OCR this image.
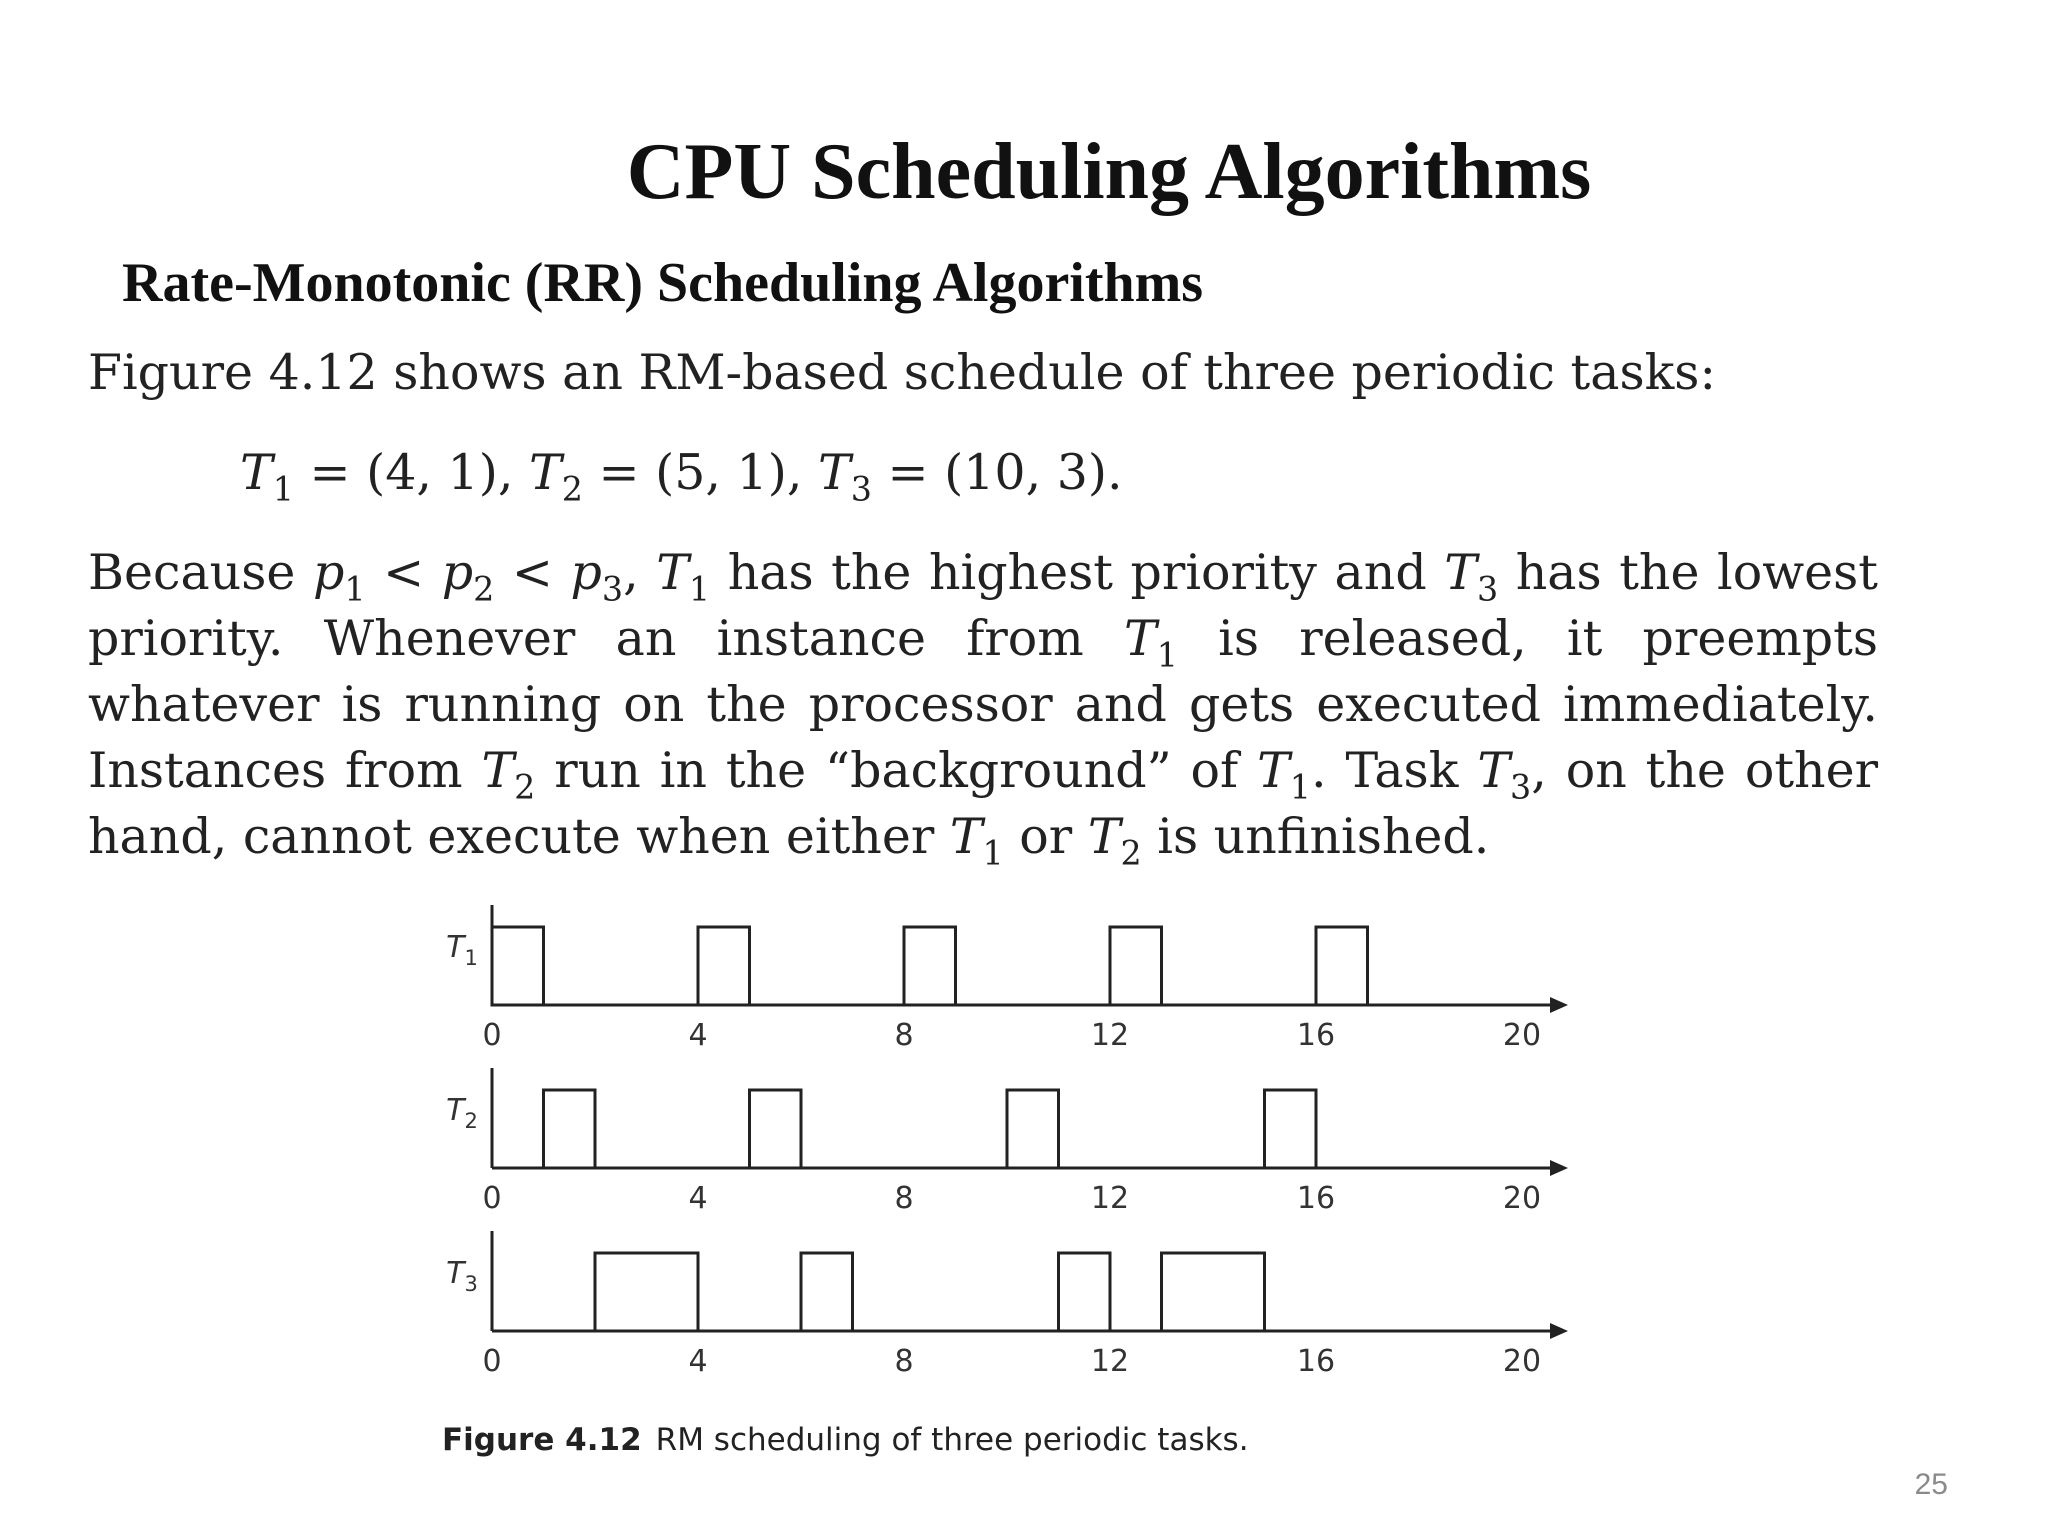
CPU Scheduling Algorithms
Rate-Monotonic (RR) Scheduling Algorithms

Figure 4.12 shows an RM-based schedule of three periodic tasks:

$T_1 = (4$, 1), $T_2 = (5$, 1), $T_3 = (10$, 3).

Because $p_1 < p_2 < p_3$, $T_1$ has the highest priority and $T_3$ has the lowest priority. Whenever an instance from $T_1$ is released, it preempts whatever is running on the processor and gets executed immediately. Instances from $T_2$ run in the “background” of $T_1$. Task $T_3$, on the other hand, cannot execute when either $T_1$ or $T_2$ is unfinished.

$T_1$
0	4	8	12	16	20
$T_2$
0	4	8	12	16	20
$T_3$
0	4	8	12	16	20

Figure 4.12 RM scheduling of three periodic tasks.

25
